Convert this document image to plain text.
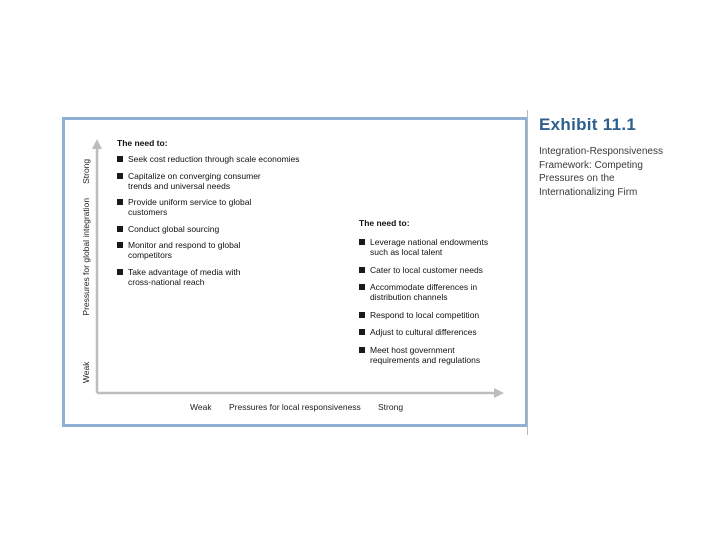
Exhibit 11.1
Integration-Responsiveness
Framework: Competing
Pressures on the
Internationalizing Firm
WeakPressures for global integrationStrong
Weak Pressures for local responsiveness Strong
The need to:
Seek cost reduction through scale economies
Capitalize on converging consumer
trends and universal needs
Provide uniform service to global
customers
Conduct global sourcing
Monitor and respond to global
competitors
Take advantage of media with
cross-national reach
The need to:
Leverage national endowments
such as local talent
Cater to local customer needs
Accommodate differences in
distribution channels
Respond to local competition
Adjust to cultural differences
Meet host government
requirements and regulations
